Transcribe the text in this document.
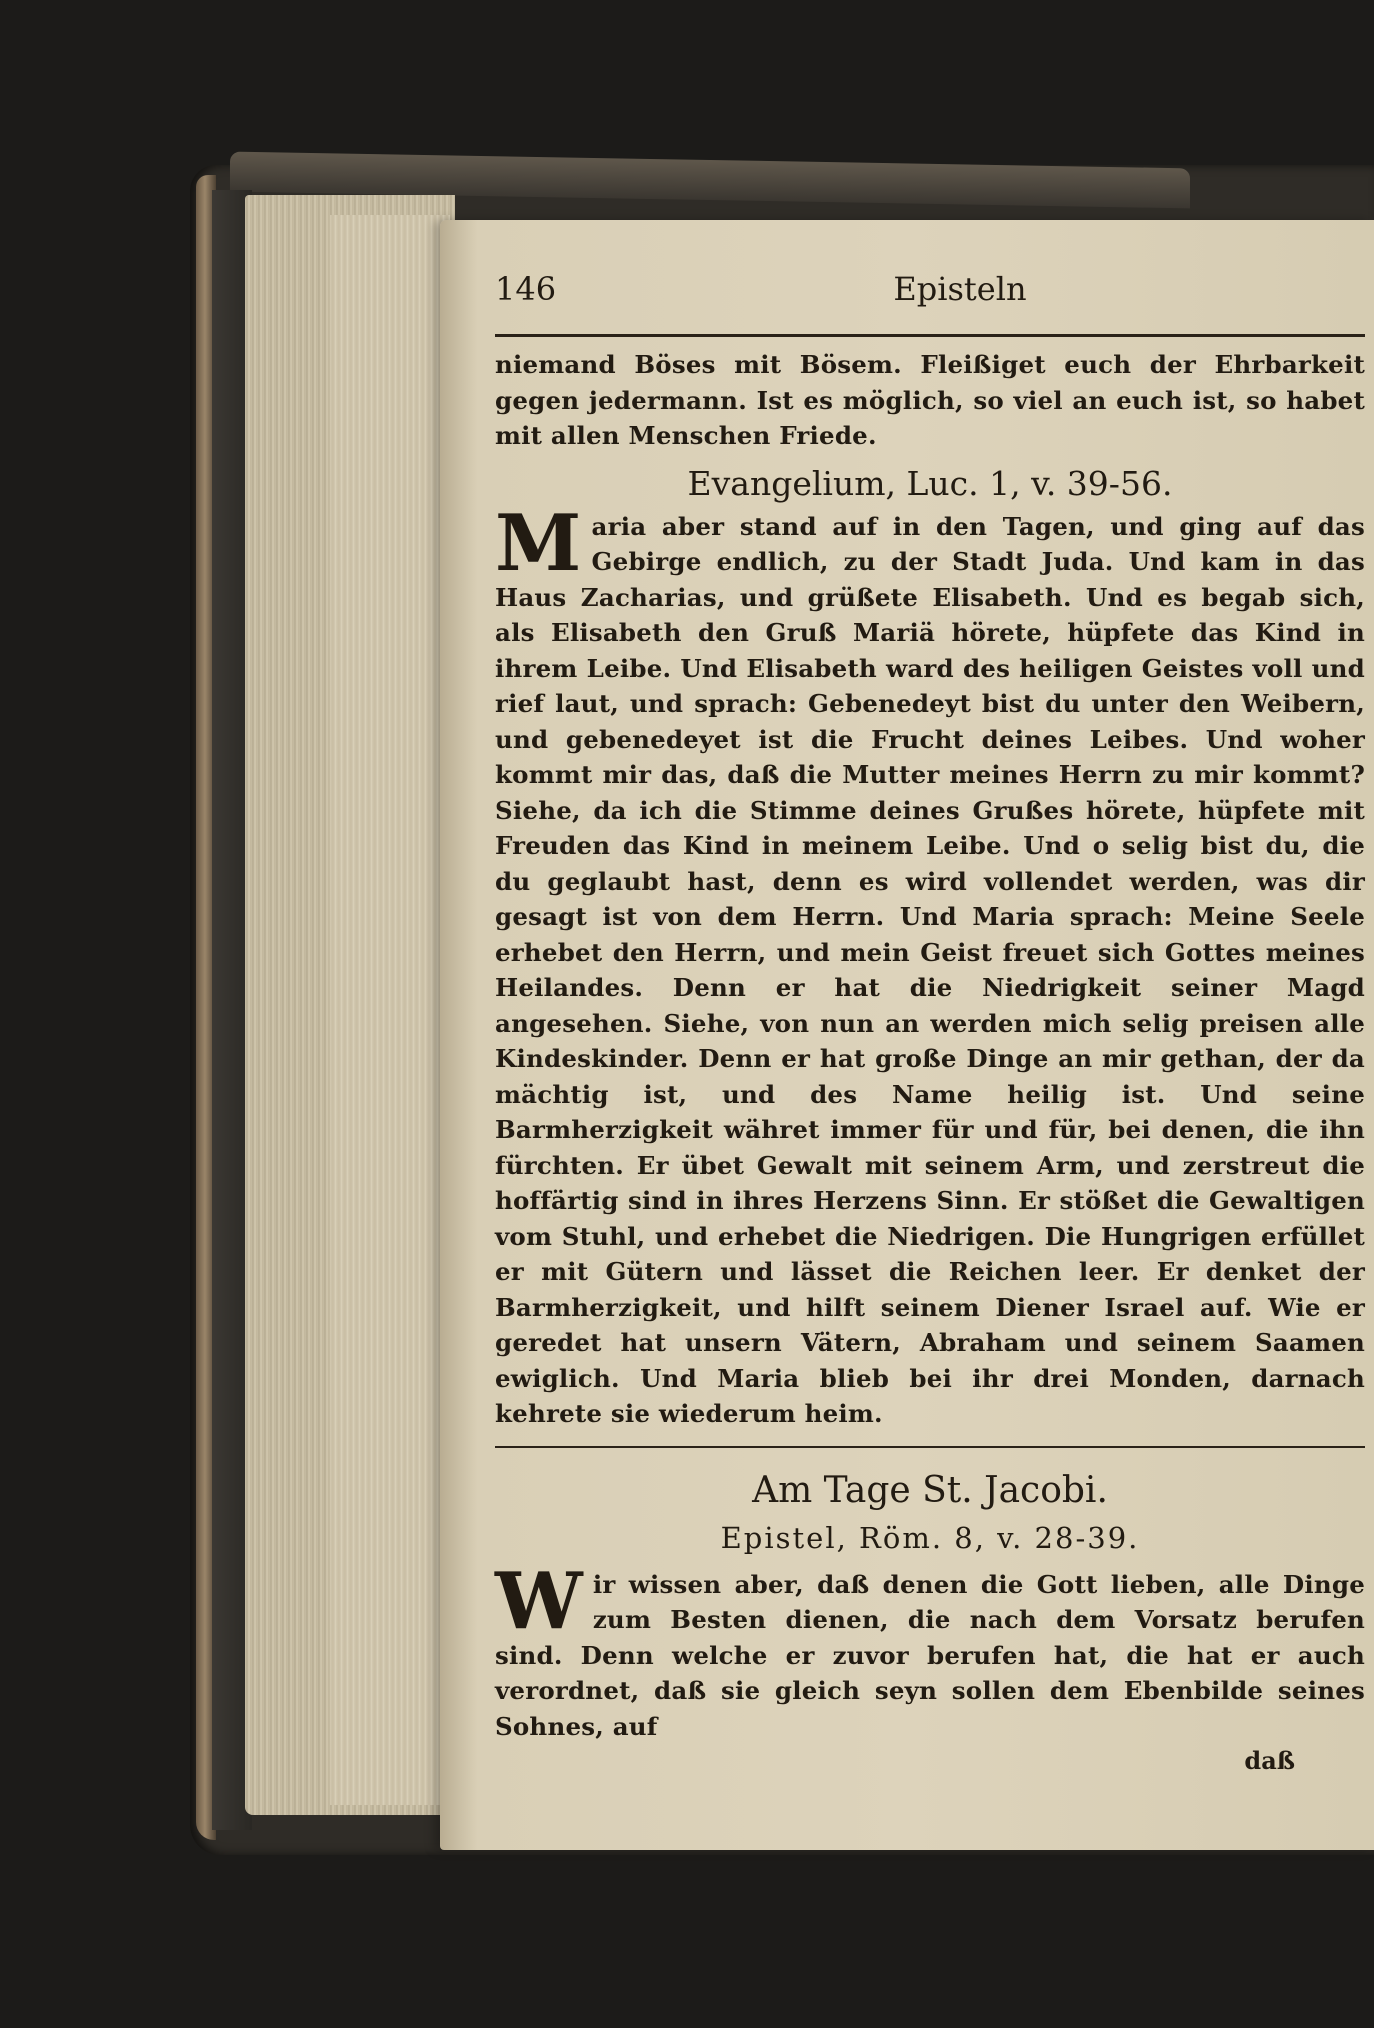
146	Episteln

niemand Böses mit Bösem. Fleißiget euch der Ehrbarkeit gegen jedermann. Ist es möglich, so viel an euch ist, so habet mit allen Menschen Friede.

Evangelium, Luc. 1, v. 39-56.

Maria aber stand auf in den Tagen, und ging auf das Gebirge endlich, zu der Stadt Juda. Und kam in das Haus Zacharias, und grüßete Elisabeth. Und es begab sich, als Elisabeth den Gruß Mariä hörete, hüpfete das Kind in ihrem Leibe. Und Elisabeth ward des heiligen Geistes voll und rief laut, und sprach: Gebenedeyt bist du unter den Weibern, und gebenedeyet ist die Frucht deines Leibes. Und woher kommt mir das, daß die Mutter meines Herrn zu mir kommt? Siehe, da ich die Stimme deines Grußes hörete, hüpfete mit Freuden das Kind in meinem Leibe. Und o selig bist du, die du geglaubt hast, denn es wird vollendet werden, was dir gesagt ist von dem Herrn. Und Maria sprach: Meine Seele erhebet den Herrn, und mein Geist freuet sich Gottes meines Heilandes. Denn er hat die Niedrigkeit seiner Magd angesehen. Siehe, von nun an werden mich selig preisen alle Kindeskinder. Denn er hat große Dinge an mir gethan, der da mächtig ist, und des Name heilig ist. Und seine Barmherzigkeit währet immer für und für, bei denen, die ihn fürchten. Er übet Gewalt mit seinem Arm, und zerstreut die hoffärtig sind in ihres Herzens Sinn. Er stößet die Gewaltigen vom Stuhl, und erhebet die Niedrigen. Die Hungrigen erfüllet er mit Gütern und lässet die Reichen leer. Er denket der Barmherzigkeit, und hilft seinem Diener Israel auf. Wie er geredet hat unsern Vätern, Abraham und seinem Saamen ewiglich. Und Maria blieb bei ihr drei Monden, darnach kehrete sie wiederum heim.

Am Tage St. Jacobi.
Epistel, Röm. 8, v. 28-39.

Wir wissen aber, daß denen die Gott lieben, alle Dinge zum Besten dienen, die nach dem Vorsatz berufen sind. Denn welche er zuvor berufen hat, die hat er auch verordnet, daß sie gleich seyn sollen dem Ebenbilde seines Sohnes, auf

daß
